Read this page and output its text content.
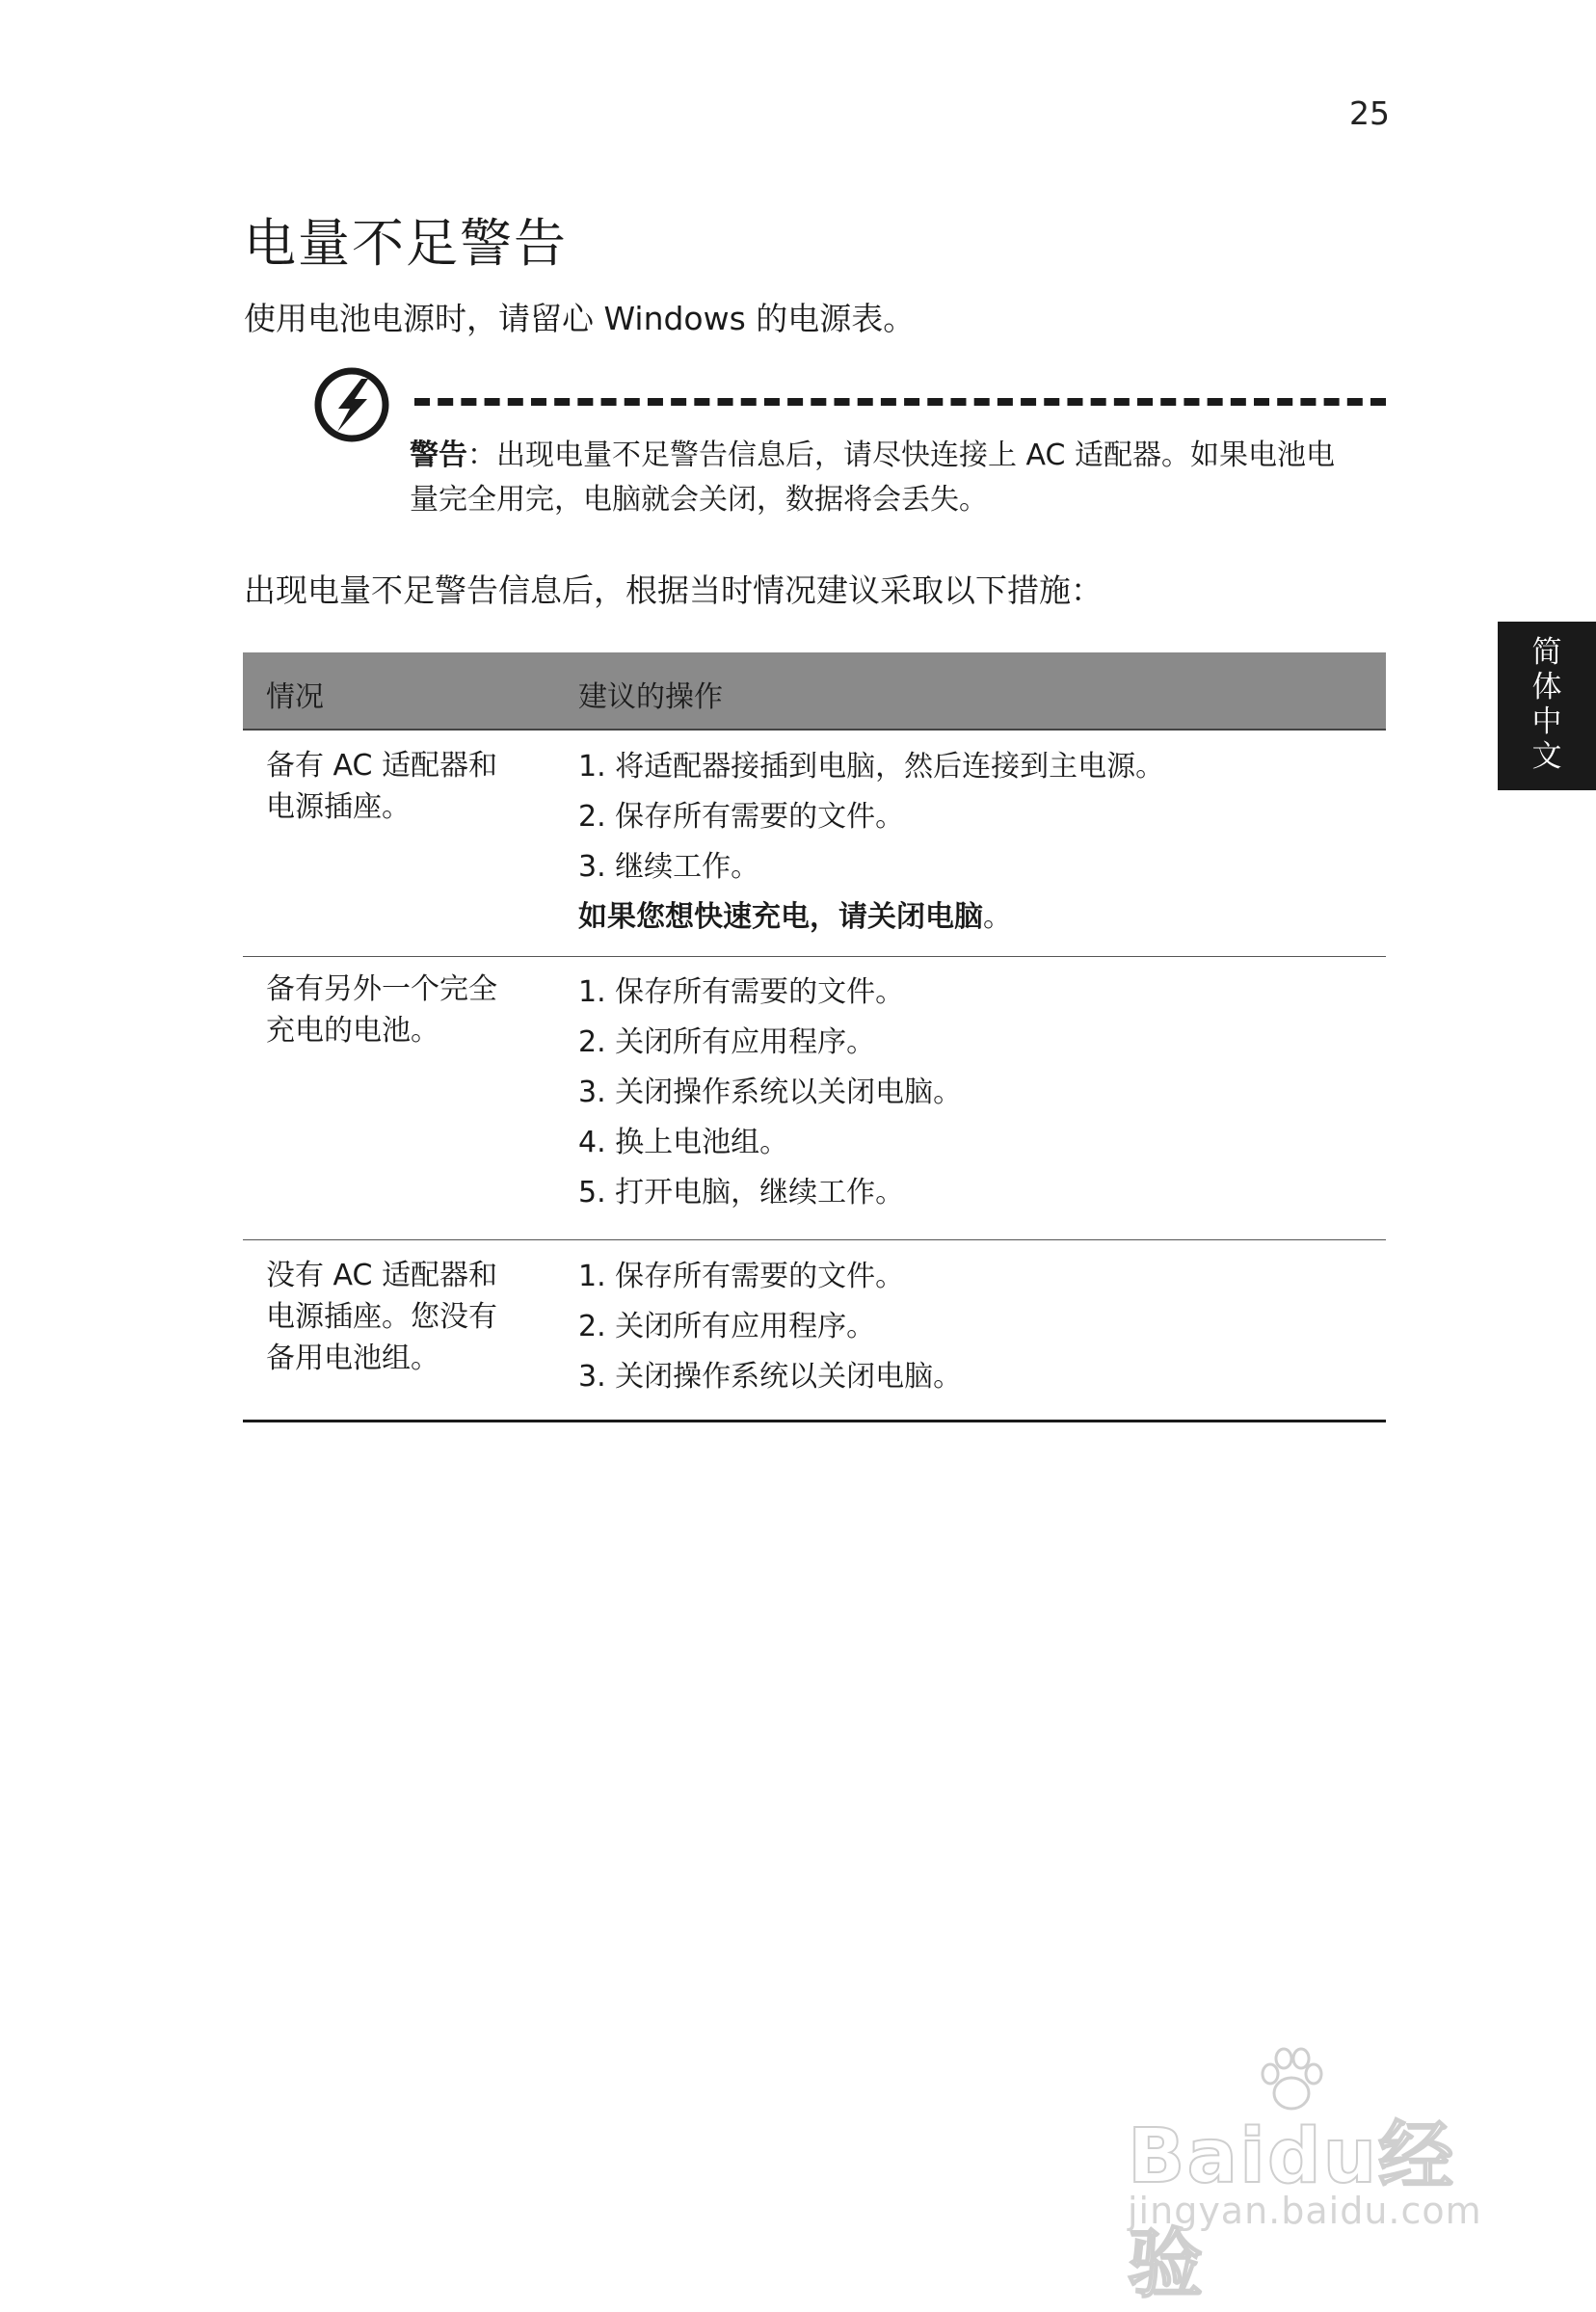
25
电量不足警告

使用电池电源时，请留心 Windows 的电源表。

警告：出现电量不足警告信息后，请尽快连接上 AC 适配器。如果电池电量完全用完，电脑就会关闭，数据将会丢失。

出现电量不足警告信息后，根据当时情况建议采取以下措施：

简
体
中
文
情况	建议的操作
备有 AC 适配器和
电源插座。
1. 将适配器接插到电脑，然后连接到主电源。
2. 保存所有需要的文件。
3. 继续工作。
如果您想快速充电，请关闭电脑。
备有另外一个完全
充电的电池。
1. 保存所有需要的文件。
2. 关闭所有应用程序。
3. 关闭操作系统以关闭电脑。
4. 换上电池组。
5. 打开电脑，继续工作。
没有 AC 适配器和
电源插座。您没有
备用电池组。
1. 保存所有需要的文件。
2. 关闭所有应用程序。
3. 关闭操作系统以关闭电脑。
Baidu经验
jingyan.baidu.com
